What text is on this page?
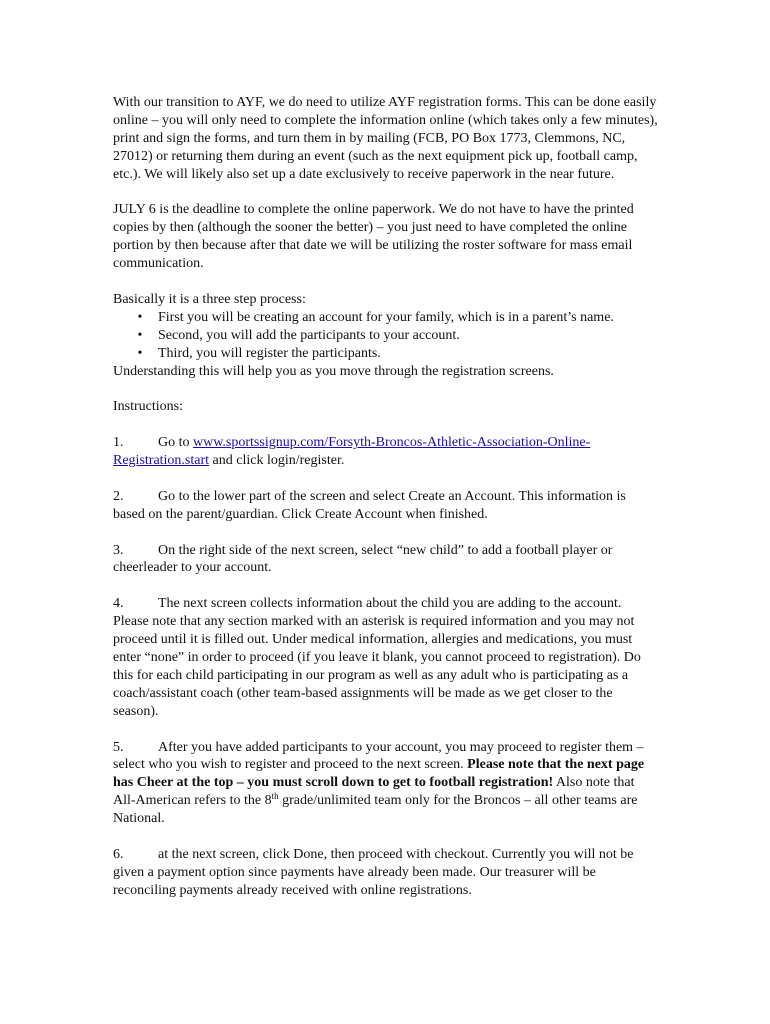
With our transition to AYF, we do need to utilize AYF registration forms. This can be done easily online – you will only need to complete the information online (which takes only a few minutes), print and sign the forms, and turn them in by mailing (FCB, PO Box 1773, Clemmons, NC, 27012) or returning them during an event (such as the next equipment pick up, football camp, etc.). We will likely also set up a date exclusively to receive paperwork in the near future.

JULY 6 is the deadline to complete the online paperwork. We do not have to have the printed copies by then (although the sooner the better) – you just need to have completed the online portion by then because after that date we will be utilizing the roster software for mass email communication.

Basically it is a three step process:

•	First you will be creating an account for your family, which is in a parent’s name.
•	Second, you will add the participants to your account.
•	Third, you will register the participants.

Understanding this will help you as you move through the registration screens.

Instructions:

1. Go to www.sportssignup.com/Forsyth-Broncos-Athletic-Association-Online-Registration.start and click login/register.

2. Go to the lower part of the screen and select Create an Account. This information is based on the parent/guardian. Click Create Account when finished.

3. On the right side of the next screen, select “new child” to add a football player or cheerleader to your account.

4. The next screen collects information about the child you are adding to the account. Please note that any section marked with an asterisk is required information and you may not proceed until it is filled out. Under medical information, allergies and medications, you must enter “none” in order to proceed (if you leave it blank, you cannot proceed to registration). Do this for each child participating in our program as well as any adult who is participating as a coach/assistant coach (other team-based assignments will be made as we get closer to the season).

5. After you have added participants to your account, you may proceed to register them – select who you wish to register and proceed to the next screen. Please note that the next page has Cheer at the top – you must scroll down to get to football registration! Also note that All-American refers to the 8th grade/unlimited team only for the Broncos – all other teams are National.

6. at the next screen, click Done, then proceed with checkout. Currently you will not be given a payment option since payments have already been made. Our treasurer will be reconciling payments already received with online registrations.
